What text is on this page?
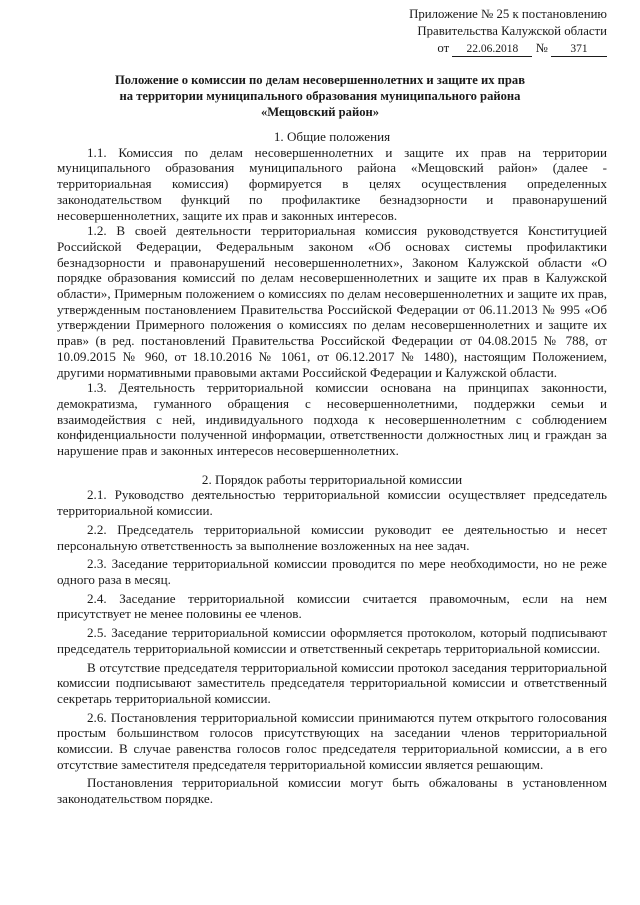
Приложение № 25 к постановлению
Правительства Калужской области
от 22.06.2018 № 371
Положение о комиссии по делам несовершеннолетних и защите их прав
на территории муниципального образования муниципального района
«Мещовский район»
1. Общие положения

1.1. Комиссия по делам несовершеннолетних и защите их прав на территории муниципального образования муниципального района «Мещовский район» (далее - территориальная комиссия) формируется в целях осуществления определенных законодательством функций по профилактике безнадзорности и правонарушений несовершеннолетних, защите их прав и законных интересов.

1.2. В своей деятельности территориальная комиссия руководствуется Конституцией Российской Федерации, Федеральным законом «Об основах системы профилактики безнадзорности и правонарушений несовершеннолетних», Законом Калужской области «О порядке образования комиссий по делам несовершеннолетних и защите их прав в Калужской области», Примерным положением о комиссиях по делам несовершеннолетних и защите их прав, утвержденным постановлением Правительства Российской Федерации от 06.11.2013 № 995 «Об утверждении Примерного положения о комиссиях по делам несовершеннолетних и защите их прав» (в ред. постановлений Правительства Российской Федерации от 04.08.2015 № 788, от 10.09.2015 № 960, от 18.10.2016 № 1061, от 06.12.2017 № 1480), настоящим Положением, другими нормативными правовыми актами Российской Федерации и Калужской области.

1.3. Деятельность территориальной комиссии основана на принципах законности, демократизма, гуманного обращения с несовершеннолетними, поддержки семьи и взаимодействия с ней, индивидуального подхода к несовершеннолетним с соблюдением конфиденциальности полученной информации, ответственности должностных лиц и граждан за нарушение прав и законных интересов несовершеннолетних.

2. Порядок работы территориальной комиссии

2.1. Руководство деятельностью территориальной комиссии осуществляет председатель территориальной комиссии.

2.2. Председатель территориальной комиссии руководит ее деятельностью и несет персональную ответственность за выполнение возложенных на нее задач.

2.3. Заседание территориальной комиссии проводится по мере необходимости, но не реже одного раза в месяц.

2.4. Заседание территориальной комиссии считается правомочным, если на нем присутствует не менее половины ее членов.

2.5. Заседание территориальной комиссии оформляется протоколом, который подписывают председатель территориальной комиссии и ответственный секретарь территориальной комиссии.

В отсутствие председателя территориальной комиссии протокол заседания территориальной комиссии подписывают заместитель председателя территориальной комиссии и ответственный секретарь территориальной комиссии.

2.6. Постановления территориальной комиссии принимаются путем открытого голосования простым большинством голосов присутствующих на заседании членов территориальной комиссии. В случае равенства голосов голос председателя территориальной комиссии, а в его отсутствие заместителя председателя территориальной комиссии является решающим.

Постановления территориальной комиссии могут быть обжалованы в установленном законодательством порядке.
